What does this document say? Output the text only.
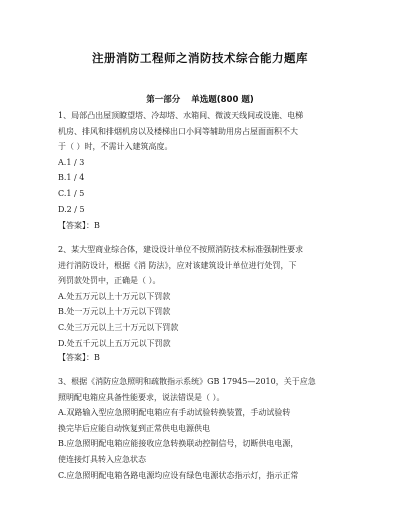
注册消防工程师之消防技术综合能力题库
第一部分 单选题(800 题)
1、局部凸出屋顶瞭望塔、冷却塔、水箱间、微波天线间或设施、电梯
机房、排风和排烟机房以及楼梯出口小间等辅助用房占屋面面积不大
于（ ）时，不需计入建筑高度。
A.1 / 3
B.1 / 4
C.1 / 5
D.2 / 5
【答案】：B
2、某大型商业综合体，建设设计单位不按照消防技术标准强制性要求
进行消防设计，根据《消 防法》，应对该建筑设计单位进行处罚，下
列罚款处罚中，正确是（ ）。
A.处五万元以上十万元以下罚款
B.处一万元以上十万元以下罚款
C.处三万元以上三十万元以下罚款
D.处五千元以上五万元以下罚款
【答案】：B
3、根据《消防应急照明和疏散指示系统》GB 17945—2010，关于应急
照明配电箱应具备性能要求，说法错误是（ ）。
A.双路输入型应急照明配电箱应有手动试验转换装置，手动试验转
换完毕后应能自动恢复到正常供电电源供电
B.应急照明配电箱应能接收应急转换联动控制信号，切断供电电源，
使连接灯具转入应急状态
C.应急照明配电箱各路电源均应设有绿色电源状态指示灯，指示正常
